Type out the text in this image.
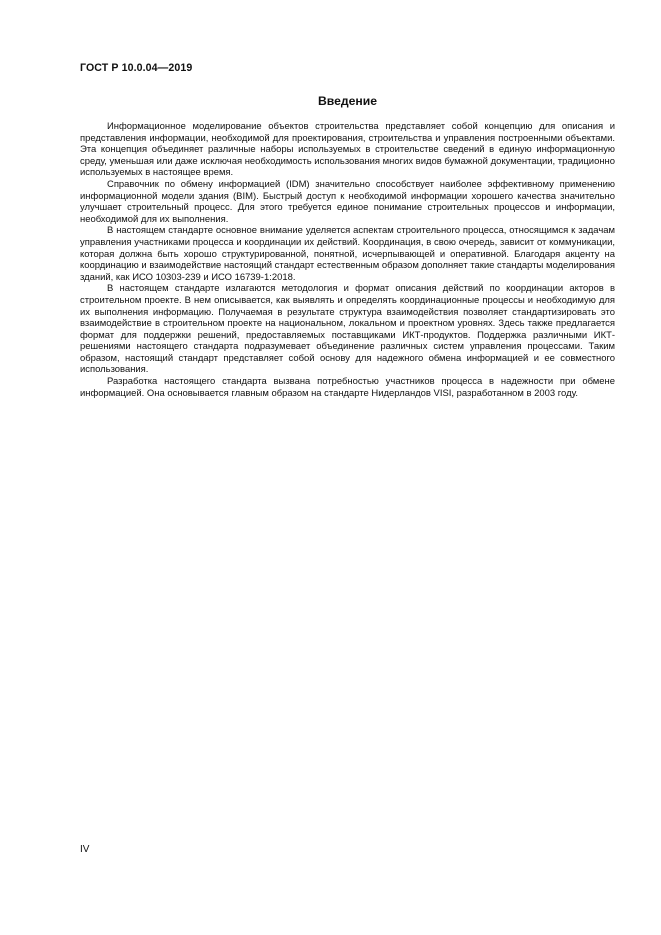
ГОСТ Р 10.0.04—2019
Введение

Информационное моделирование объектов строительства представляет собой концепцию для описания и представления информации, необходимой для проектирования, строительства и управления построенными объектами. Эта концепция объединяет различные наборы используемых в строительстве сведений в единую информационную среду, уменьшая или даже исключая необходимость использования многих видов бумажной документации, традиционно используемых в настоящее время.

Справочник по обмену информацией (IDM) значительно способствует наиболее эффективному применению информационной модели здания (BIM). Быстрый доступ к необходимой информации хорошего качества значительно улучшает строительный процесс. Для этого требуется единое понимание строительных процессов и информации, необходимой для их выполнения.

В настоящем стандарте основное внимание уделяется аспектам строительного процесса, относящимся к задачам управления участниками процесса и координации их действий. Координация, в свою очередь, зависит от коммуникации, которая должна быть хорошо структурированной, понятной, исчерпывающей и оперативной. Благодаря акценту на координацию и взаимодействие настоящий стандарт естественным образом дополняет такие стандарты моделирования зданий, как ИСО 10303-239 и ИСО 16739-1:2018.

В настоящем стандарте излагаются методология и формат описания действий по координации акторов в строительном проекте. В нем описывается, как выявлять и определять координационные процессы и необходимую для их выполнения информацию. Получаемая в результате структура взаимодействия позволяет стандартизировать это взаимодействие в строительном проекте на национальном, локальном и проектном уровнях. Здесь также предлагается формат для поддержки решений, предоставляемых поставщиками ИКТ-продуктов. Поддержка различными ИКТ-решениями настоящего стандарта подразумевает объединение различных систем управления процессами. Таким образом, настоящий стандарт представляет собой основу для надежного обмена информацией и ее совместного использования.

Разработка настоящего стандарта вызвана потребностью участников процесса в надежности при обмене информацией. Она основывается главным образом на стандарте Нидерландов VISI, разработанном в 2003 году.

IV
